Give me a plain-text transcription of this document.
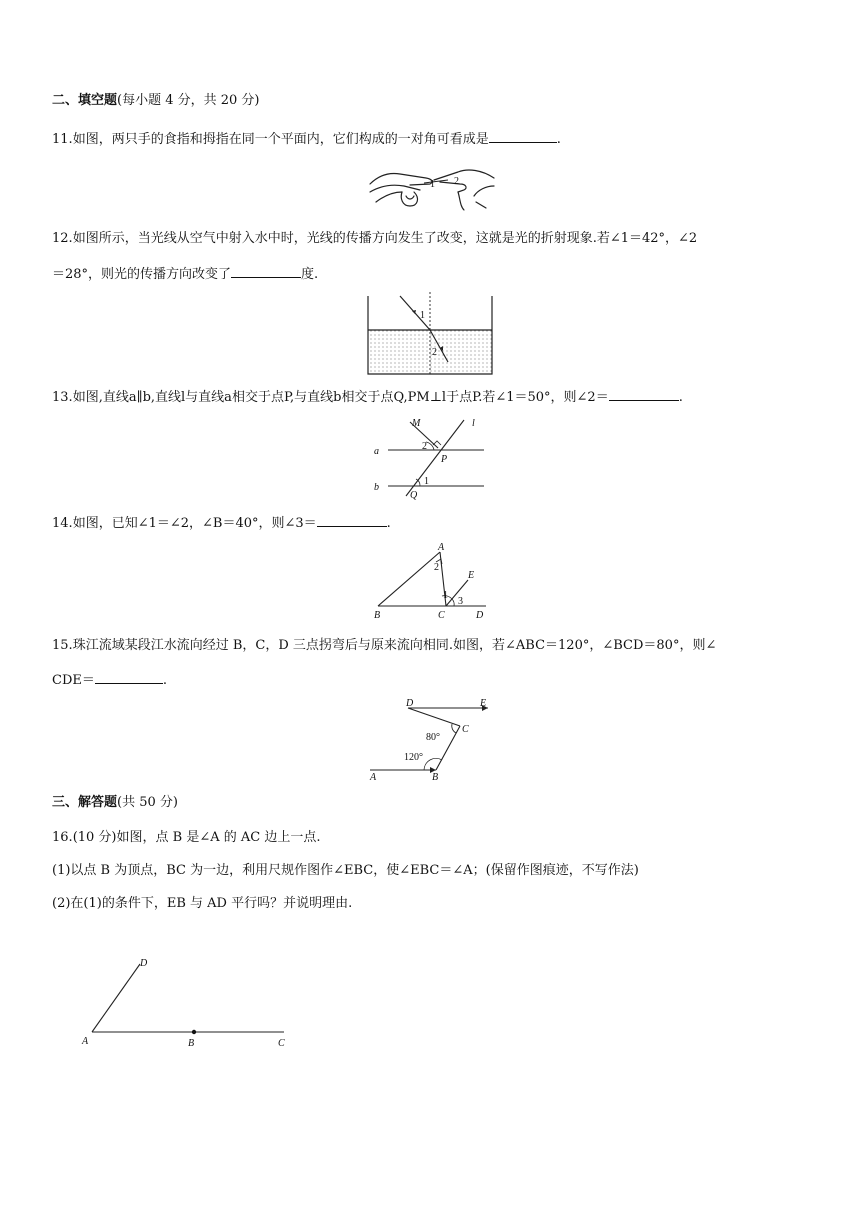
二、填空题(每小题 4 分，共 20 分)
11.如图，两只手的食指和拇指在同一个平面内，它们构成的一对角可看成是	.
1 2
12.如图所示，当光线从空气中射入水中时，光线的传播方向发生了改变，这就是光的折射现象.若∠1＝42°，∠2
＝28°，则光的传播方向改变了	度.
1
2
13.如图,直线a∥b,直线l与直线a相交于点P,与直线b相交于点Q,PM⊥l于点P.若∠1＝50°，则∠2＝	.
M	l
a
b
P
Q
1
2
14.如图，已知∠1＝∠2，∠B＝40°，则∠3＝	.
A
B	C	D
E
1
2
3
15.珠江流域某段江水流向经过 B，C，D 三点拐弯后与原来流向相同.如图，若∠ABC＝120°，∠BCD＝80°，则∠
CDE＝	.
D	E
C
A	B
80°
120°
三、解答题(共 50 分)
16.(10 分)如图，点 B 是∠A 的 AC 边上一点.
(1)以点 B 为顶点，BC 为一边，利用尺规作图作∠EBC，使∠EBC＝∠A；(保留作图痕迹，不写作法)
(2)在(1)的条件下，EB 与 AD 平行吗？并说明理由.
D
A	B	C
